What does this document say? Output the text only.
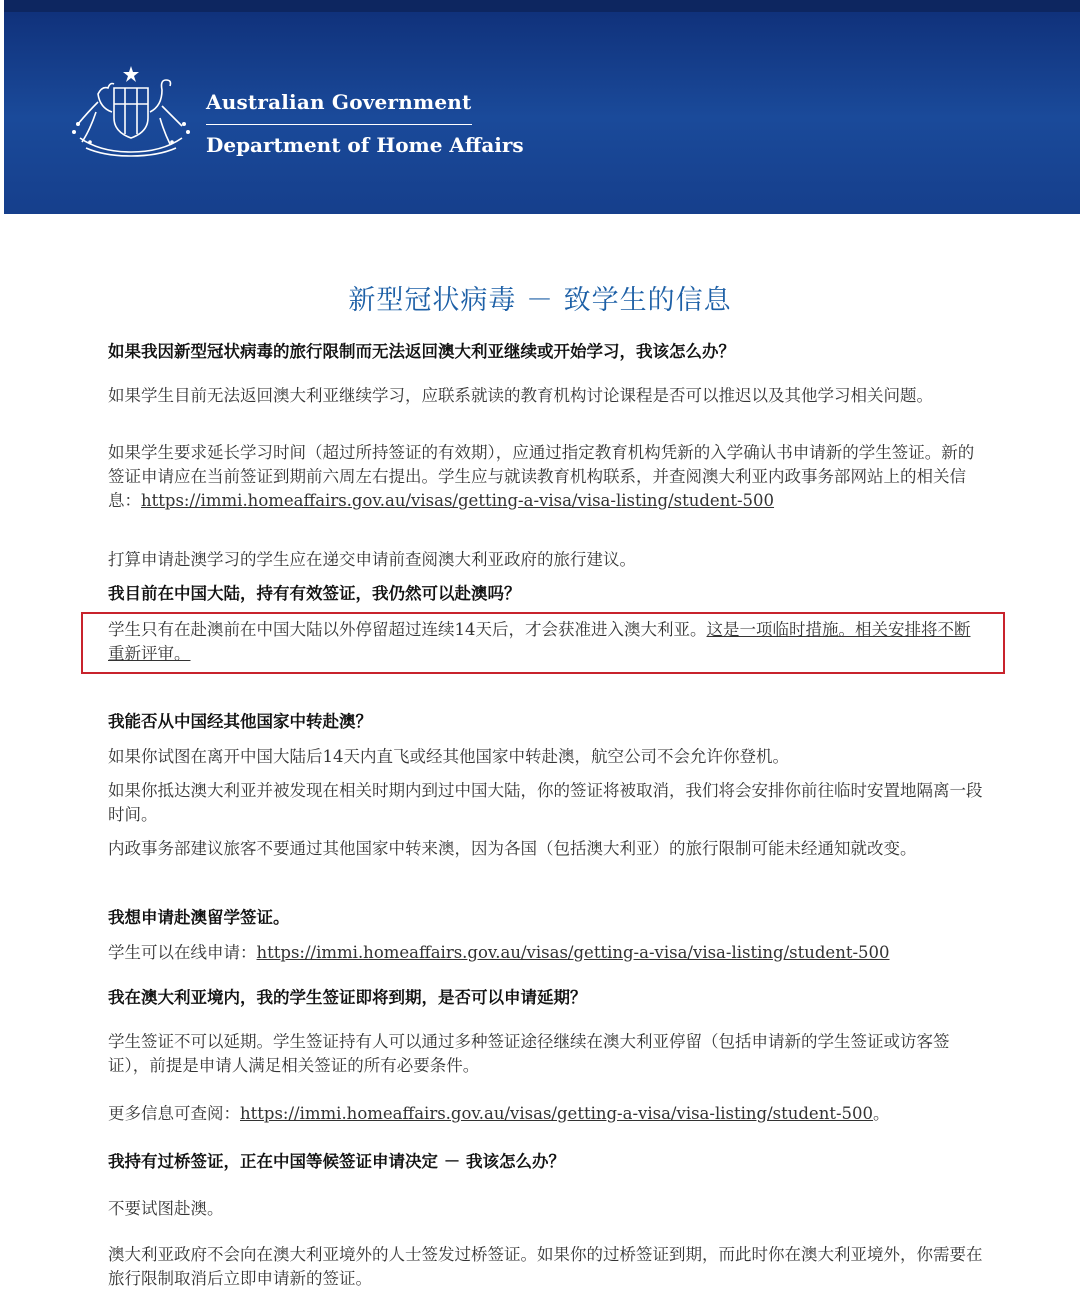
Australian Government
Department of Home Affairs
新型冠状病毒 － 致学生的信息
如果我因新型冠状病毒的旅行限制而无法返回澳大利亚继续或开始学习，我该怎么办？

如果学生目前无法返回澳大利亚继续学习，应联系就读的教育机构讨论课程是否可以推迟以及其他学习相关问题。

如果学生要求延长学习时间（超过所持签证的有效期），应通过指定教育机构凭新的入学确认书申请新的学生签证。新的签证申请应在当前签证到期前六周左右提出。学生应与就读教育机构联系，并查阅澳大利亚内政事务部网站上的相关信息：https://immi.homeaffairs.gov.au/visas/getting-a-visa/visa-listing/student-500

打算申请赴澳学习的学生应在递交申请前查阅澳大利亚政府的旅行建议。

我目前在中国大陆，持有有效签证，我仍然可以赴澳吗？

学生只有在赴澳前在中国大陆以外停留超过连续14天后，才会获准进入澳大利亚。这是一项临时措施。相关安排将不断重新评审。

我能否从中国经其他国家中转赴澳？

如果你试图在离开中国大陆后14天内直飞或经其他国家中转赴澳，航空公司不会允许你登机。

如果你抵达澳大利亚并被发现在相关时期内到过中国大陆，你的签证将被取消，我们将会安排你前往临时安置地隔离一段时间。

内政事务部建议旅客不要通过其他国家中转来澳，因为各国（包括澳大利亚）的旅行限制可能未经通知就改变。

我想申请赴澳留学签证。

学生可以在线申请：https://immi.homeaffairs.gov.au/visas/getting-a-visa/visa-listing/student-500

我在澳大利亚境内，我的学生签证即将到期，是否可以申请延期？

学生签证不可以延期。学生签证持有人可以通过多种签证途径继续在澳大利亚停留（包括申请新的学生签证或访客签证），前提是申请人满足相关签证的所有必要条件。

更多信息可查阅：https://immi.homeaffairs.gov.au/visas/getting-a-visa/visa-listing/student-500。

我持有过桥签证，正在中国等候签证申请决定 － 我该怎么办？

不要试图赴澳。

澳大利亚政府不会向在澳大利亚境外的人士签发过桥签证。如果你的过桥签证到期，而此时你在澳大利亚境外，你需要在旅行限制取消后立即申请新的签证。
